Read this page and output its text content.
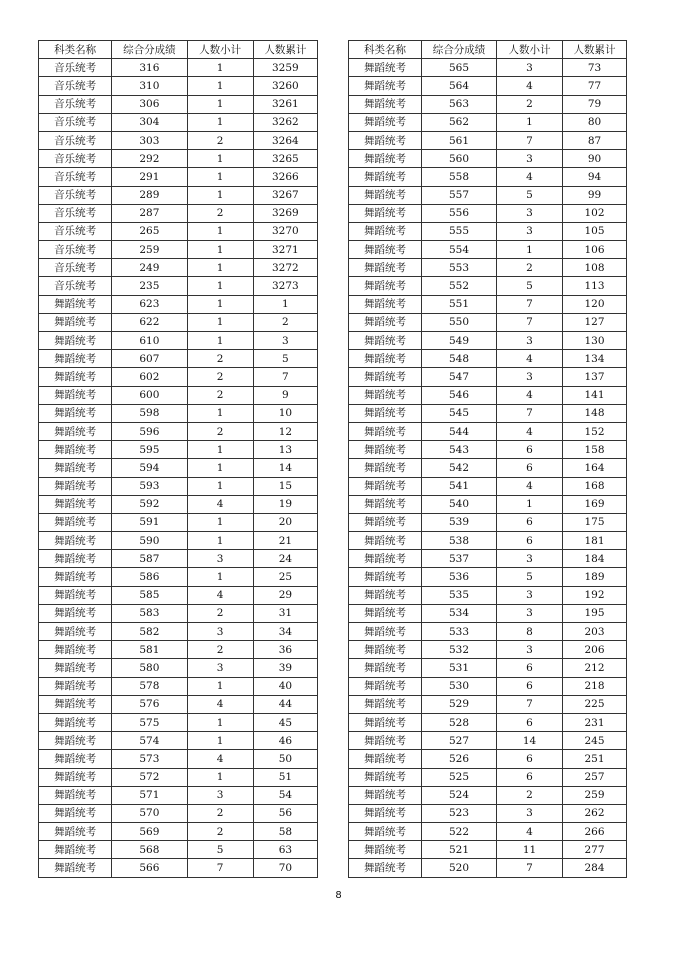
科类名称	综合分成绩	人数小计	人数累计
音乐统考	316	1	3259
音乐统考	310	1	3260
音乐统考	306	1	3261
音乐统考	304	1	3262
音乐统考	303	2	3264
音乐统考	292	1	3265
音乐统考	291	1	3266
音乐统考	289	1	3267
音乐统考	287	2	3269
音乐统考	265	1	3270
音乐统考	259	1	3271
音乐统考	249	1	3272
音乐统考	235	1	3273
舞蹈统考	623	1	1
舞蹈统考	622	1	2
舞蹈统考	610	1	3
舞蹈统考	607	2	5
舞蹈统考	602	2	7
舞蹈统考	600	2	9
舞蹈统考	598	1	10
舞蹈统考	596	2	12
舞蹈统考	595	1	13
舞蹈统考	594	1	14
舞蹈统考	593	1	15
舞蹈统考	592	4	19
舞蹈统考	591	1	20
舞蹈统考	590	1	21
舞蹈统考	587	3	24
舞蹈统考	586	1	25
舞蹈统考	585	4	29
舞蹈统考	583	2	31
舞蹈统考	582	3	34
舞蹈统考	581	2	36
舞蹈统考	580	3	39
舞蹈统考	578	1	40
舞蹈统考	576	4	44
舞蹈统考	575	1	45
舞蹈统考	574	1	46
舞蹈统考	573	4	50
舞蹈统考	572	1	51
舞蹈统考	571	3	54
舞蹈统考	570	2	56
舞蹈统考	569	2	58
舞蹈统考	568	5	63
舞蹈统考	566	7	70
科类名称	综合分成绩	人数小计	人数累计
舞蹈统考	565	3	73
舞蹈统考	564	4	77
舞蹈统考	563	2	79
舞蹈统考	562	1	80
舞蹈统考	561	7	87
舞蹈统考	560	3	90
舞蹈统考	558	4	94
舞蹈统考	557	5	99
舞蹈统考	556	3	102
舞蹈统考	555	3	105
舞蹈统考	554	1	106
舞蹈统考	553	2	108
舞蹈统考	552	5	113
舞蹈统考	551	7	120
舞蹈统考	550	7	127
舞蹈统考	549	3	130
舞蹈统考	548	4	134
舞蹈统考	547	3	137
舞蹈统考	546	4	141
舞蹈统考	545	7	148
舞蹈统考	544	4	152
舞蹈统考	543	6	158
舞蹈统考	542	6	164
舞蹈统考	541	4	168
舞蹈统考	540	1	169
舞蹈统考	539	6	175
舞蹈统考	538	6	181
舞蹈统考	537	3	184
舞蹈统考	536	5	189
舞蹈统考	535	3	192
舞蹈统考	534	3	195
舞蹈统考	533	8	203
舞蹈统考	532	3	206
舞蹈统考	531	6	212
舞蹈统考	530	6	218
舞蹈统考	529	7	225
舞蹈统考	528	6	231
舞蹈统考	527	14	245
舞蹈统考	526	6	251
舞蹈统考	525	6	257
舞蹈统考	524	2	259
舞蹈统考	523	3	262
舞蹈统考	522	4	266
舞蹈统考	521	11	277
舞蹈统考	520	7	284
8
